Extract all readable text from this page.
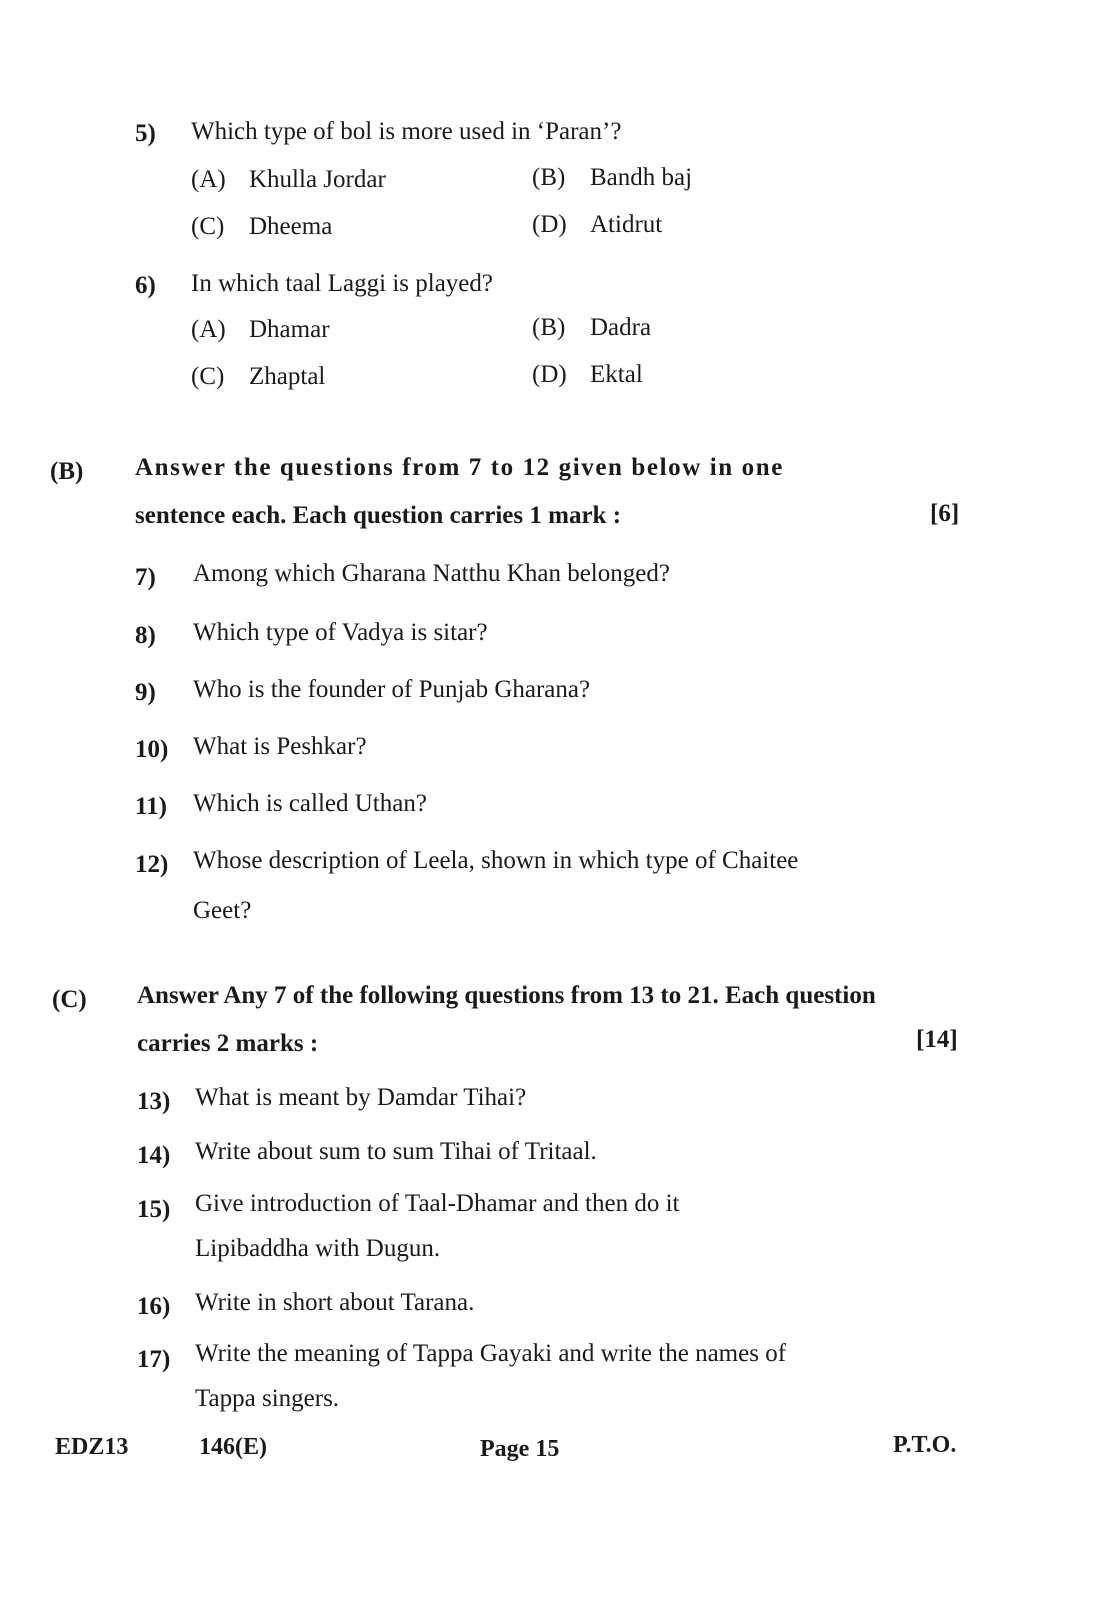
5) Which type of bol is more used in ‘Paran’?
(A) Khulla Jordar	(B) Bandh baj
(C) Dheema	(D) Atidrut
6) In which taal Laggi is played?
(A) Dhamar	(B) Dadra
(C) Zhaptal	(D) Ektal
(B) Answer the questions from 7 to 12 given below in one
sentence each. Each question carries 1 mark :	[6]
7) Among which Gharana Natthu Khan belonged?
8) Which type of Vadya is sitar?
9) Who is the founder of Punjab Gharana?
10) What is Peshkar?
11) Which is called Uthan?
12) Whose description of Leela, shown in which type of Chaitee
Geet?
(C) Answer Any 7 of the following questions from 13 to 21. Each question
carries 2 marks :	[14]
13) What is meant by Damdar Tihai?
14) Write about sum to sum Tihai of Tritaal.
15) Give introduction of Taal-Dhamar and then do it
Lipibaddha with Dugun.
16) Write in short about Tarana.
17) Write the meaning of Tappa Gayaki and write the names of
Tappa singers.
EDZ13	146(E)	Page 15	P.T.O.
